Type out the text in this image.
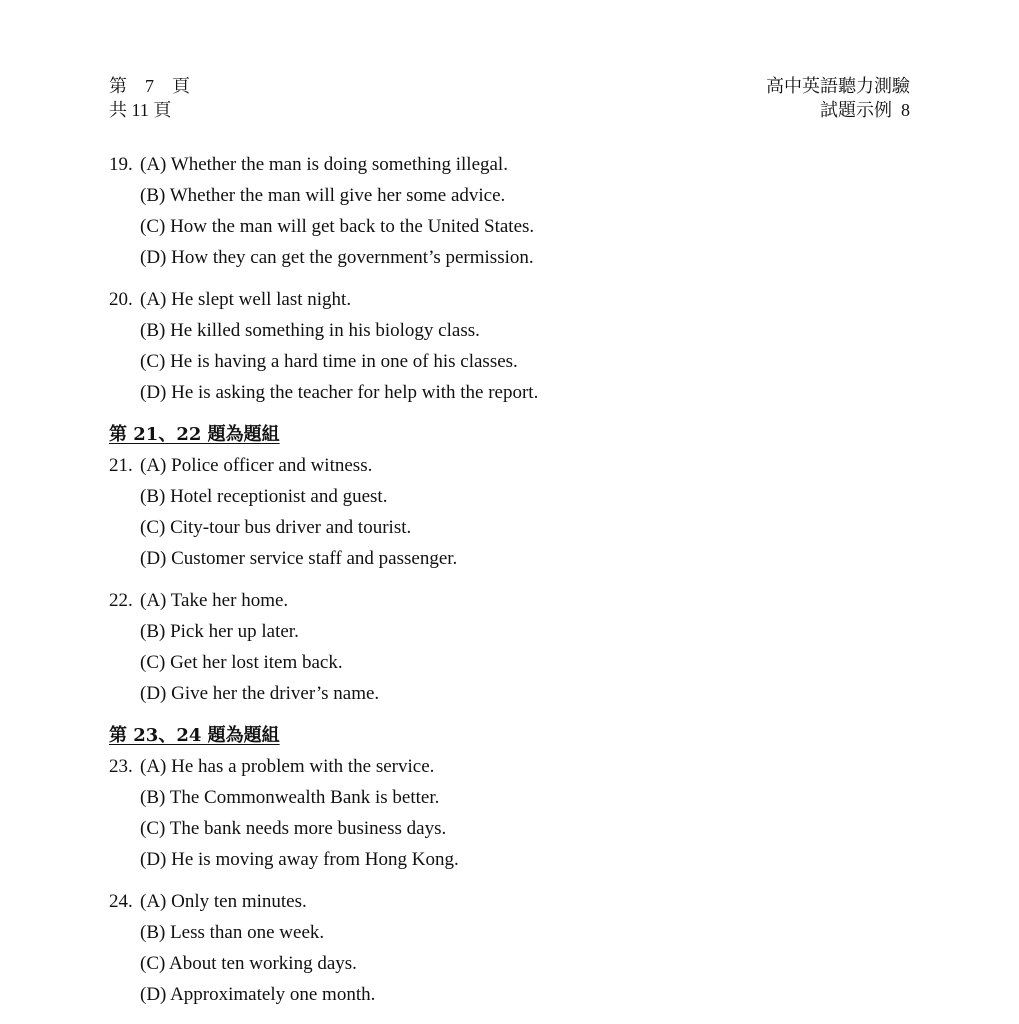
第　7　頁
共 11 頁
高中英語聽力測驗
試題示例  8
19. (A) Whether the man is doing something illegal.
(B) Whether the man will give her some advice.
(C) How the man will get back to the United States.
(D) How they can get the government’s permission.
20. (A) He slept well last night.
(B) He killed something in his biology class.
(C) He is having a hard time in one of his classes.
(D) He is asking the teacher for help with the report.
第 21、22 題為題組
21. (A) Police officer and witness.
(B) Hotel receptionist and guest.
(C) City-tour bus driver and tourist.
(D) Customer service staff and passenger.
22. (A) Take her home.
(B) Pick her up later.
(C) Get her lost item back.
(D) Give her the driver’s name.
第 23、24 題為題組
23. (A) He has a problem with the service.
(B) The Commonwealth Bank is better.
(C) The bank needs more business days.
(D) He is moving away from Hong Kong.
24. (A) Only ten minutes.
(B) Less than one week.
(C) About ten working days.
(D) Approximately one month.
